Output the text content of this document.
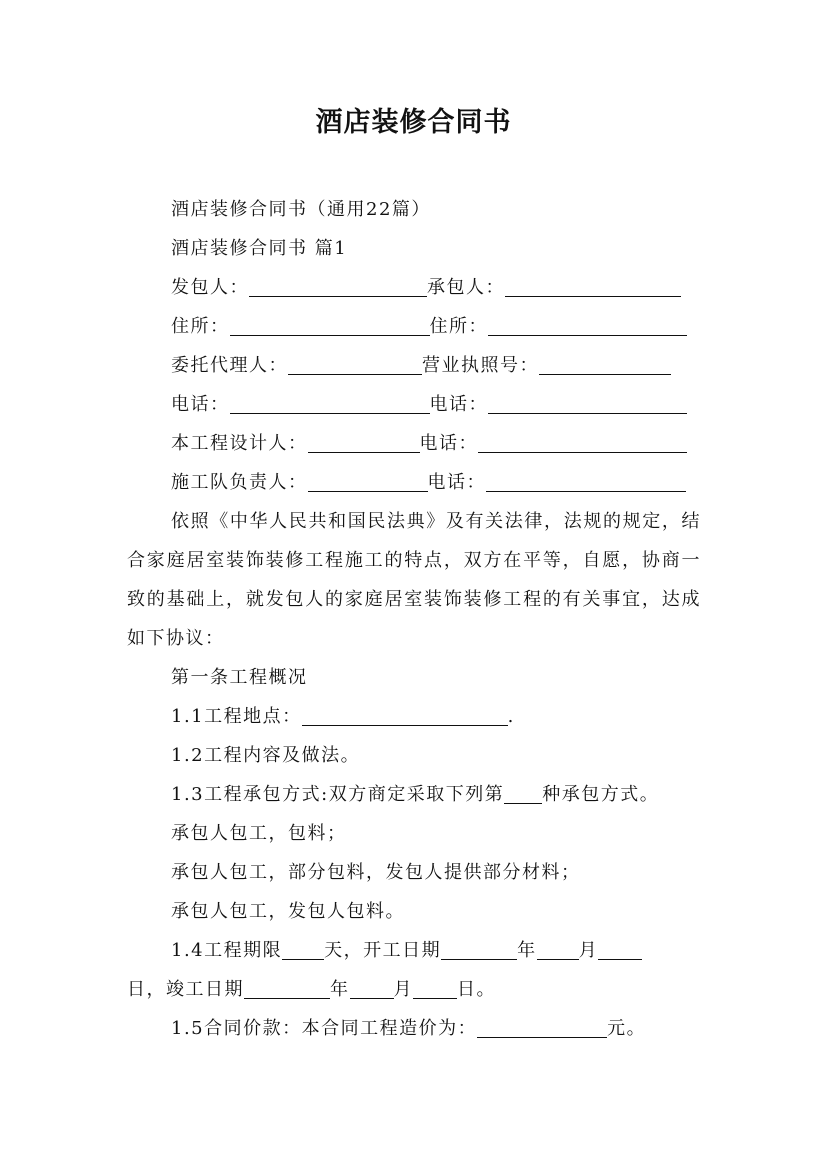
酒店装修合同书
酒店装修合同书（通用22篇）
酒店装修合同书 篇1
发包人：	承包人：
住所：	住所：
委托代理人：	营业执照号：
电话：	电话：
本工程设计人：	电话：
施工队负责人：	电话：
依照《中华人民共和国民法典》及有关法律，法规的规定，结合家庭居室装饰装修工程施工的特点，双方在平等，自愿，协商一致的基础上，就发包人的家庭居室装饰装修工程的有关事宜，达成如下协议：
第一条工程概况
1.1工程地点：	.
1.2工程内容及做法。
1.3工程承包方式:双方商定采取下列第 种承包方式。
承包人包工，包料；
承包人包工，部分包料，发包人提供部分材料；
承包人包工，发包人包料。
1.4工程期限 天，开工日期	年 月
日，竣工日期	年 月 日。
1.5合同价款：本合同工程造价为：	元。
